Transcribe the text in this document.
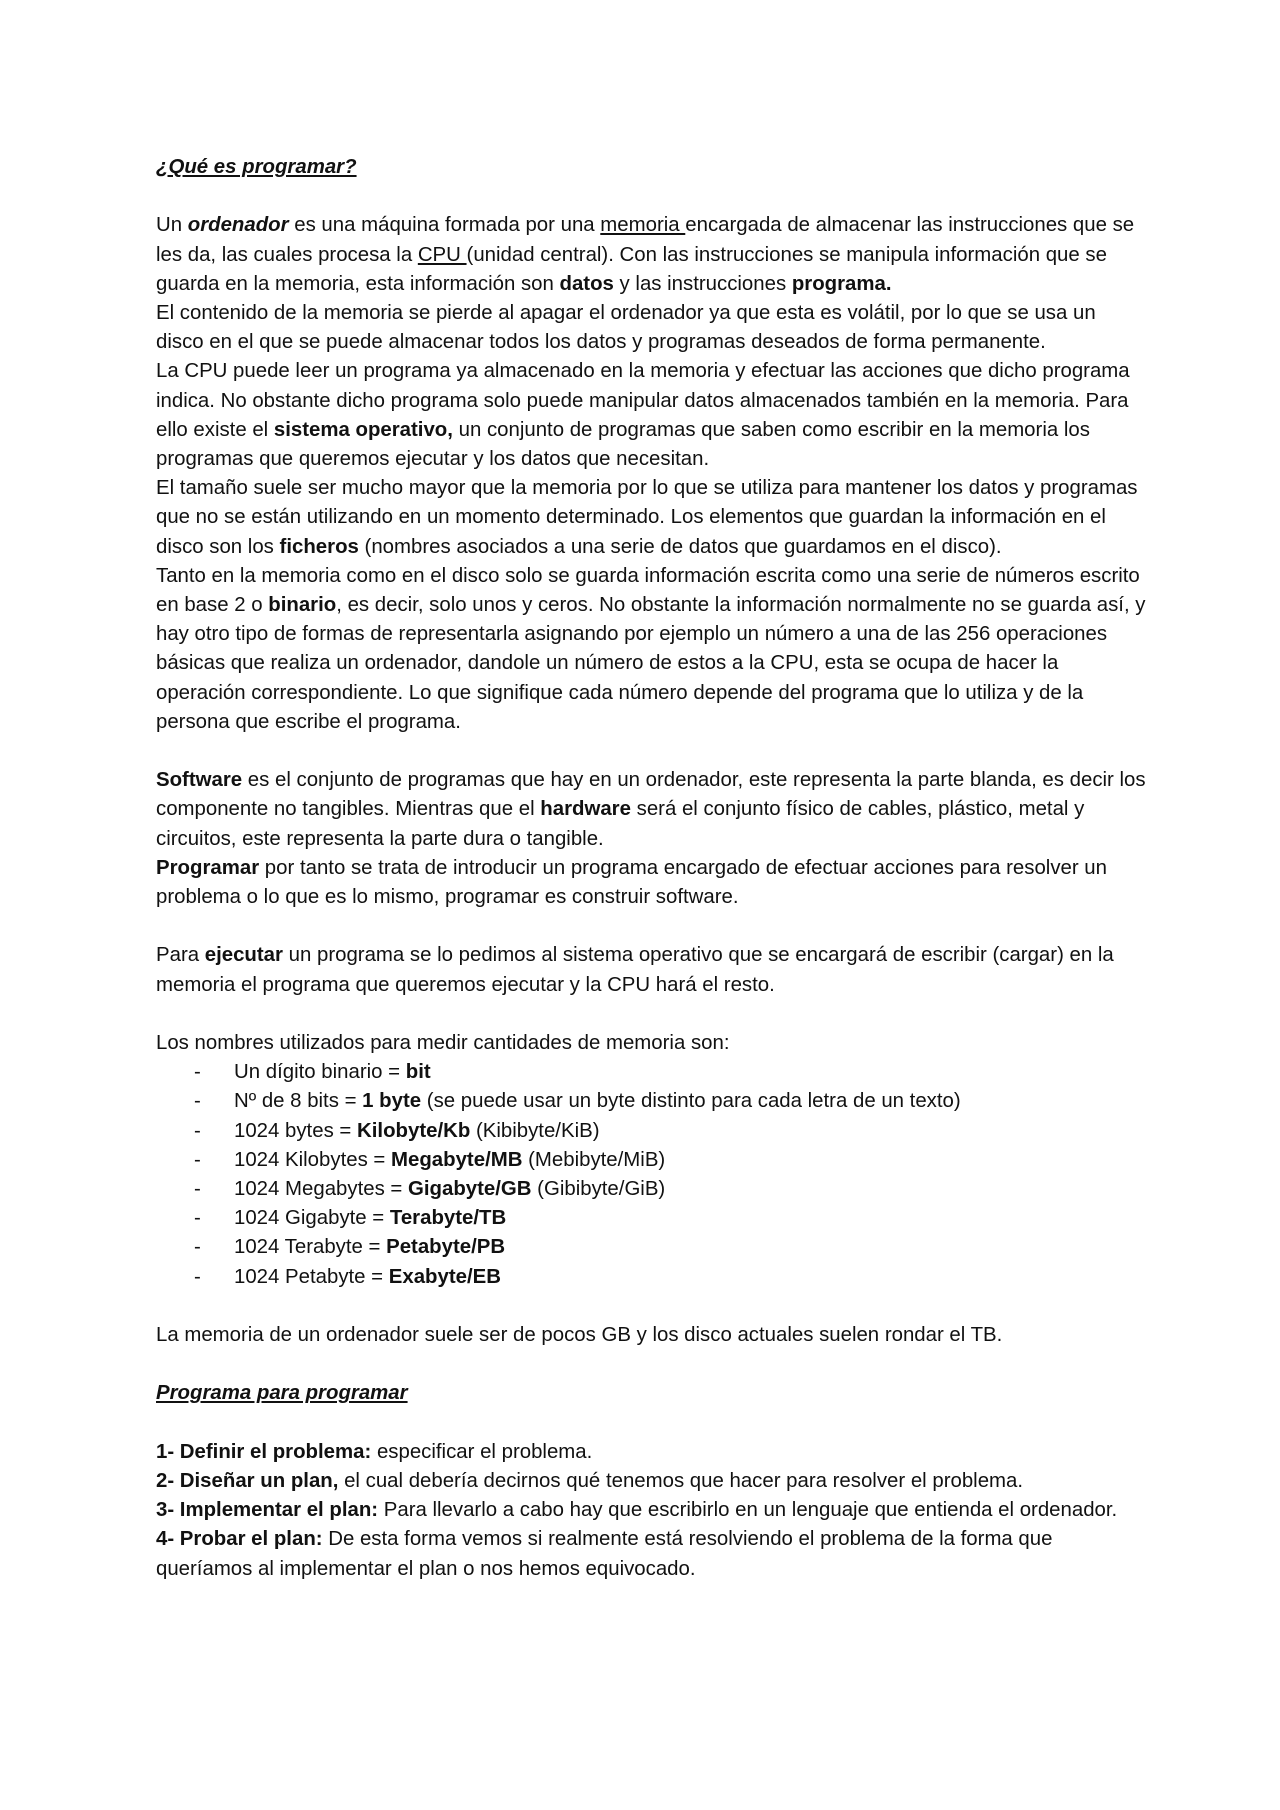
¿Qué es programar?

Un ordenador es una máquina formada por una memoria encargada de almacenar las instrucciones que se les da, las cuales procesa la CPU (unidad central). Con las instrucciones se manipula información que se guarda en la memoria, esta información son datos y las instrucciones programa.
El contenido de la memoria se pierde al apagar el ordenador ya que esta es volátil, por lo que se usa un disco en el que se puede almacenar todos los datos y programas deseados de forma permanente.
La CPU puede leer un programa ya almacenado en la memoria y efectuar las acciones que dicho programa indica. No obstante dicho programa solo puede manipular datos almacenados también en la memoria. Para ello existe el sistema operativo, un conjunto de programas que saben como escribir en la memoria los programas que queremos ejecutar y los datos que necesitan.

El tamaño suele ser mucho mayor que la memoria por lo que se utiliza para mantener los datos y programas que no se están utilizando en un momento determinado. Los elementos que guardan la información en el disco son los ficheros (nombres asociados a una serie de datos que guardamos en el disco).

Tanto en la memoria como en el disco solo se guarda información escrita como una serie de números escrito en base 2 o binario, es decir, solo unos y ceros. No obstante la información normalmente no se guarda así, y hay otro tipo de formas de representarla asignando por ejemplo un número a una de las 256 operaciones básicas que realiza un ordenador, dandole un número de estos a la CPU, esta se ocupa de hacer la operación correspondiente. Lo que signifique cada número depende del programa que lo utiliza y de la persona que escribe el programa.

Software es el conjunto de programas que hay en un ordenador, este representa la parte blanda, es decir los componente no tangibles. Mientras que el hardware será el conjunto físico de cables, plástico, metal y circuitos, este representa la parte dura o tangible.

Programar por tanto se trata de introducir un programa encargado de efectuar acciones para resolver un problema o lo que es lo mismo, programar es construir software.

Para ejecutar un programa se lo pedimos al sistema operativo que se encargará de escribir (cargar) en la memoria el programa que queremos ejecutar y la CPU hará el resto.

Los nombres utilizados para medir cantidades de memoria son:

- Un dígito binario = bit
- Nº de 8 bits = 1 byte (se puede usar un byte distinto para cada letra de un texto)
- 1024 bytes = Kilobyte/Kb (Kibibyte/KiB)
- 1024 Kilobytes = Megabyte/MB (Mebibyte/MiB)
- 1024 Megabytes = Gigabyte/GB (Gibibyte/GiB)
- 1024 Gigabyte = Terabyte/TB
- 1024 Terabyte = Petabyte/PB
- 1024 Petabyte = Exabyte/EB

La memoria de un ordenador suele ser de pocos GB y los disco actuales suelen rondar el TB.

Programa para programar

1- Definir el problema: especificar el problema.

2- Diseñar un plan, el cual debería decirnos qué tenemos que hacer para resolver el problema.

3- Implementar el plan: Para llevarlo a cabo hay que escribirlo en un lenguaje que entienda el ordenador.

4- Probar el plan: De esta forma vemos si realmente está resolviendo el problema de la forma que queríamos al implementar el plan o nos hemos equivocado.
